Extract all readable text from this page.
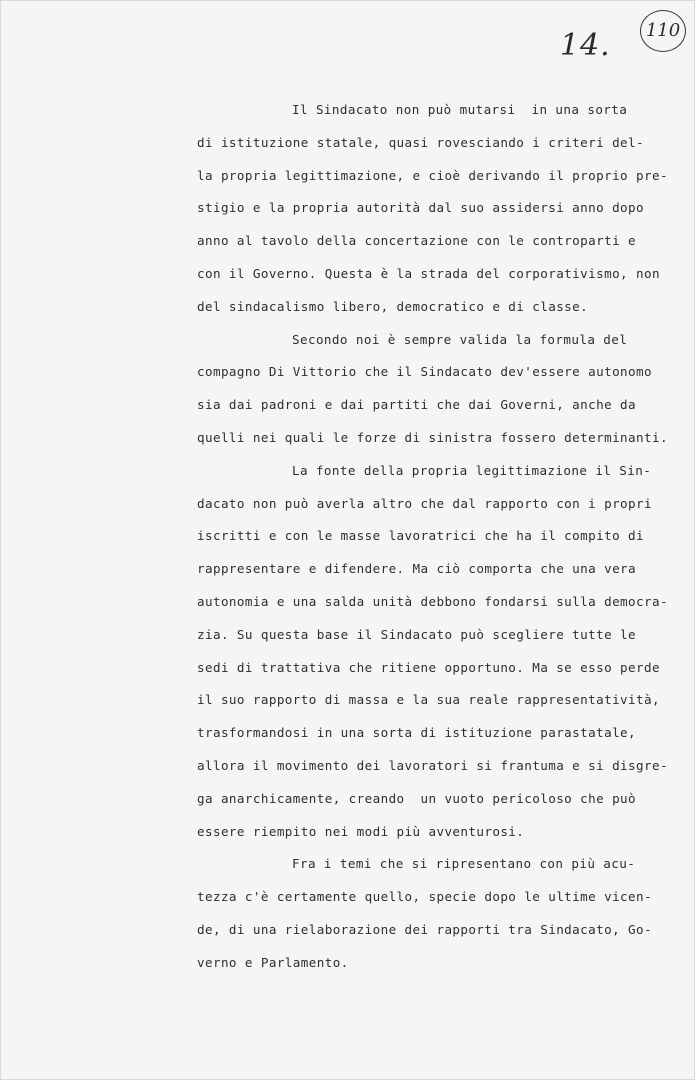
110
14.
Il Sindacato non può mutarsi  in una sorta
di istituzione statale, quasi rovesciando i criteri del-
la propria legittimazione, e cioè derivando il proprio pre-
stigio e la propria autorità dal suo assidersi anno dopo
anno al tavolo della concertazione con le controparti e
con il Governo. Questa è la strada del corporativismo, non
del sindacalismo libero, democratico e di classe.
Secondo noi è sempre valida la formula del
compagno Di Vittorio che il Sindacato dev'essere autonomo
sia dai padroni e dai partiti che dai Governi, anche da
quelli nei quali le forze di sinistra fossero determinanti.
La fonte della propria legittimazione il Sin-
dacato non può averla altro che dal rapporto con i propri
iscritti e con le masse lavoratrici che ha il compito di
rappresentare e difendere. Ma ciò comporta che una vera
autonomia e una salda unità debbono fondarsi sulla democra-
zia. Su questa base il Sindacato può scegliere tutte le
sedi di trattativa che ritiene opportuno. Ma se esso perde
il suo rapporto di massa e la sua reale rappresentatività,
trasformandosi in una sorta di istituzione parastatale,
allora il movimento dei lavoratori si frantuma e si disgre-
ga anarchicamente, creando  un vuoto pericoloso che può
essere riempito nei modi più avventurosi.
Fra i temi che si ripresentano con più acu-
tezza c'è certamente quello, specie dopo le ultime vicen-
de, di una rielaborazione dei rapporti tra Sindacato, Go-
verno e Parlamento.
